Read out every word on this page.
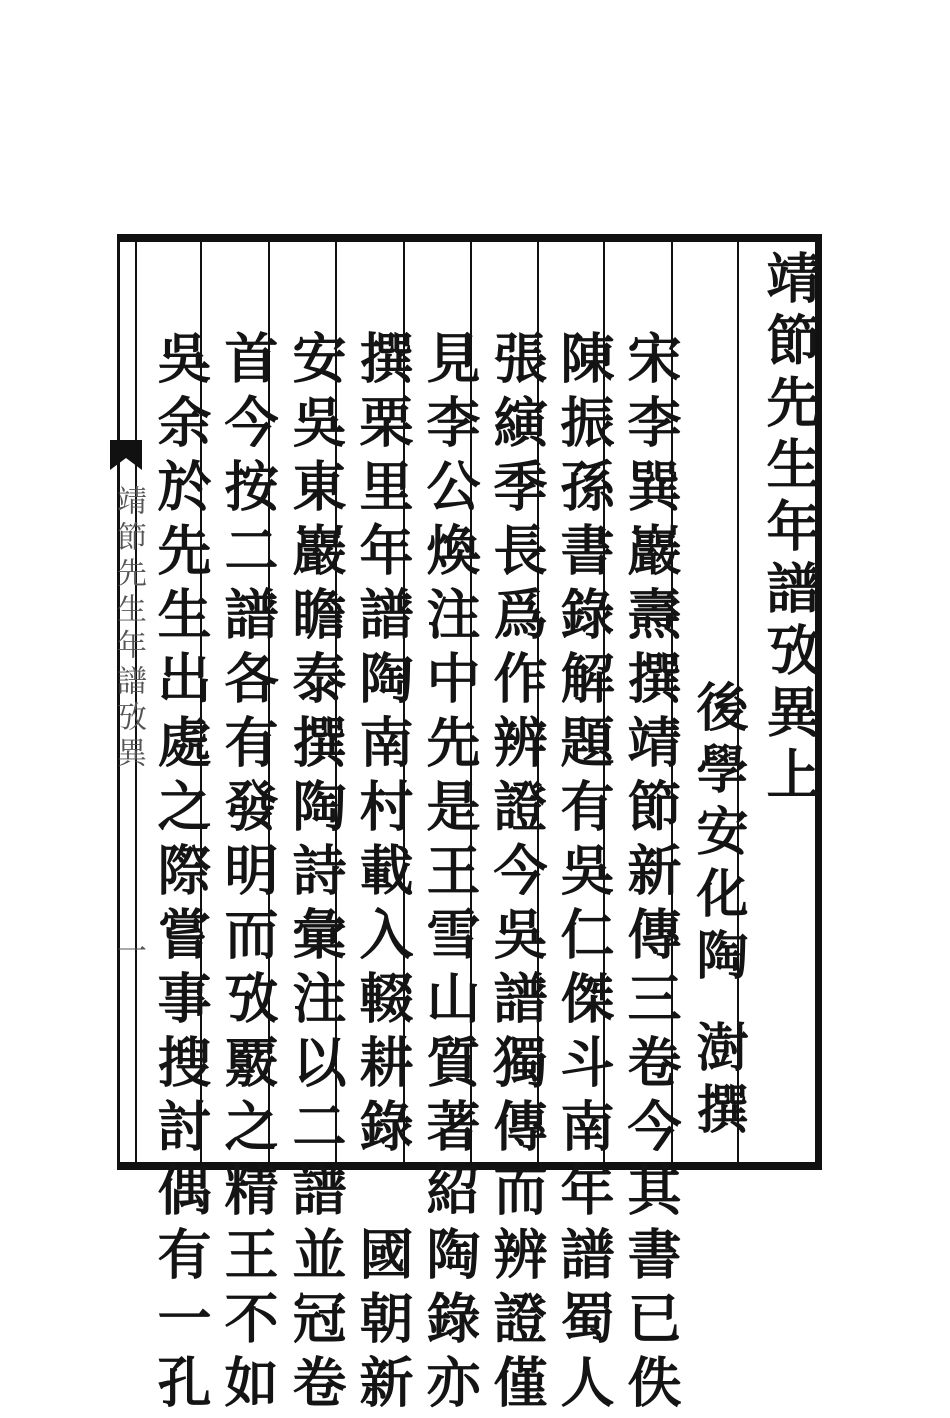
靖節先生年譜攷異上
後學安化陶澍撰
宋李巽巖燾撰靖節新傳三卷今其書已佚
陳振孫書錄解題有吳仁傑斗南年譜蜀人
張縯季長爲作辨證今吳譜獨傳而辨證僅
見李公煥注中先是王雪山質著紹陶錄亦
撰栗里年譜陶南村載入輟耕錄　國朝新
安吳東巖瞻泰撰陶詩彙注以二譜並冠卷
首今按二譜各有發明而攷覈之精王不如
吳余於先生出處之際嘗事搜討偶有一孔
靖節先生年譜攷異
一
